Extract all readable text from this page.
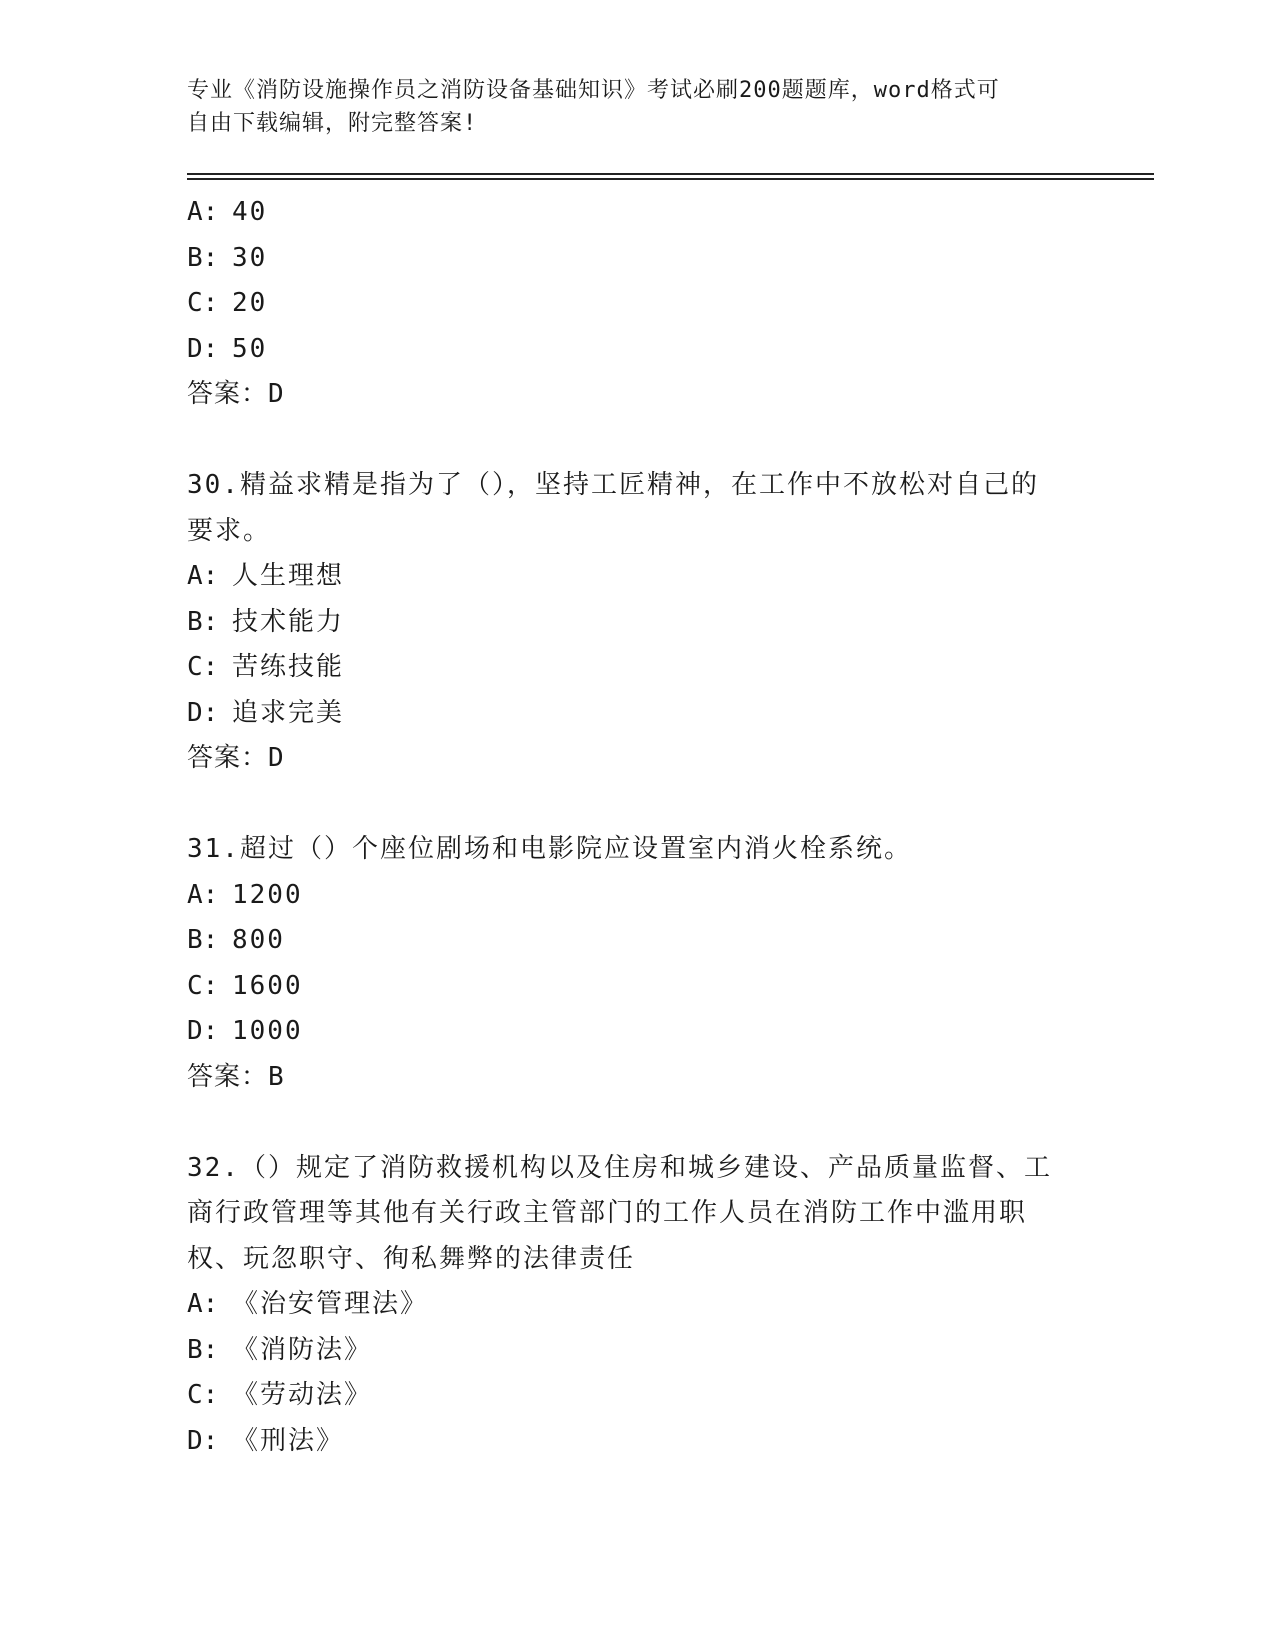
专业《消防设施操作员之消防设备基础知识》考试必刷200题题库，word格式可
自由下载编辑，附完整答案!
A: 40
B: 30
C: 20
D: 50
答案：D
30.精益求精是指为了（），坚持工匠精神，在工作中不放松对自己的
要求。
A: 人生理想
B: 技术能力
C: 苦练技能
D: 追求完美
答案：D
31.超过（）个座位剧场和电影院应设置室内消火栓系统。
A: 1200
B: 800
C: 1600
D: 1000
答案：B
32.（）规定了消防救援机构以及住房和城乡建设、产品质量监督、工
商行政管理等其他有关行政主管部门的工作人员在消防工作中滥用职
权、玩忽职守、徇私舞弊的法律责任
A: 《治安管理法》
B: 《消防法》
C: 《劳动法》
D: 《刑法》
